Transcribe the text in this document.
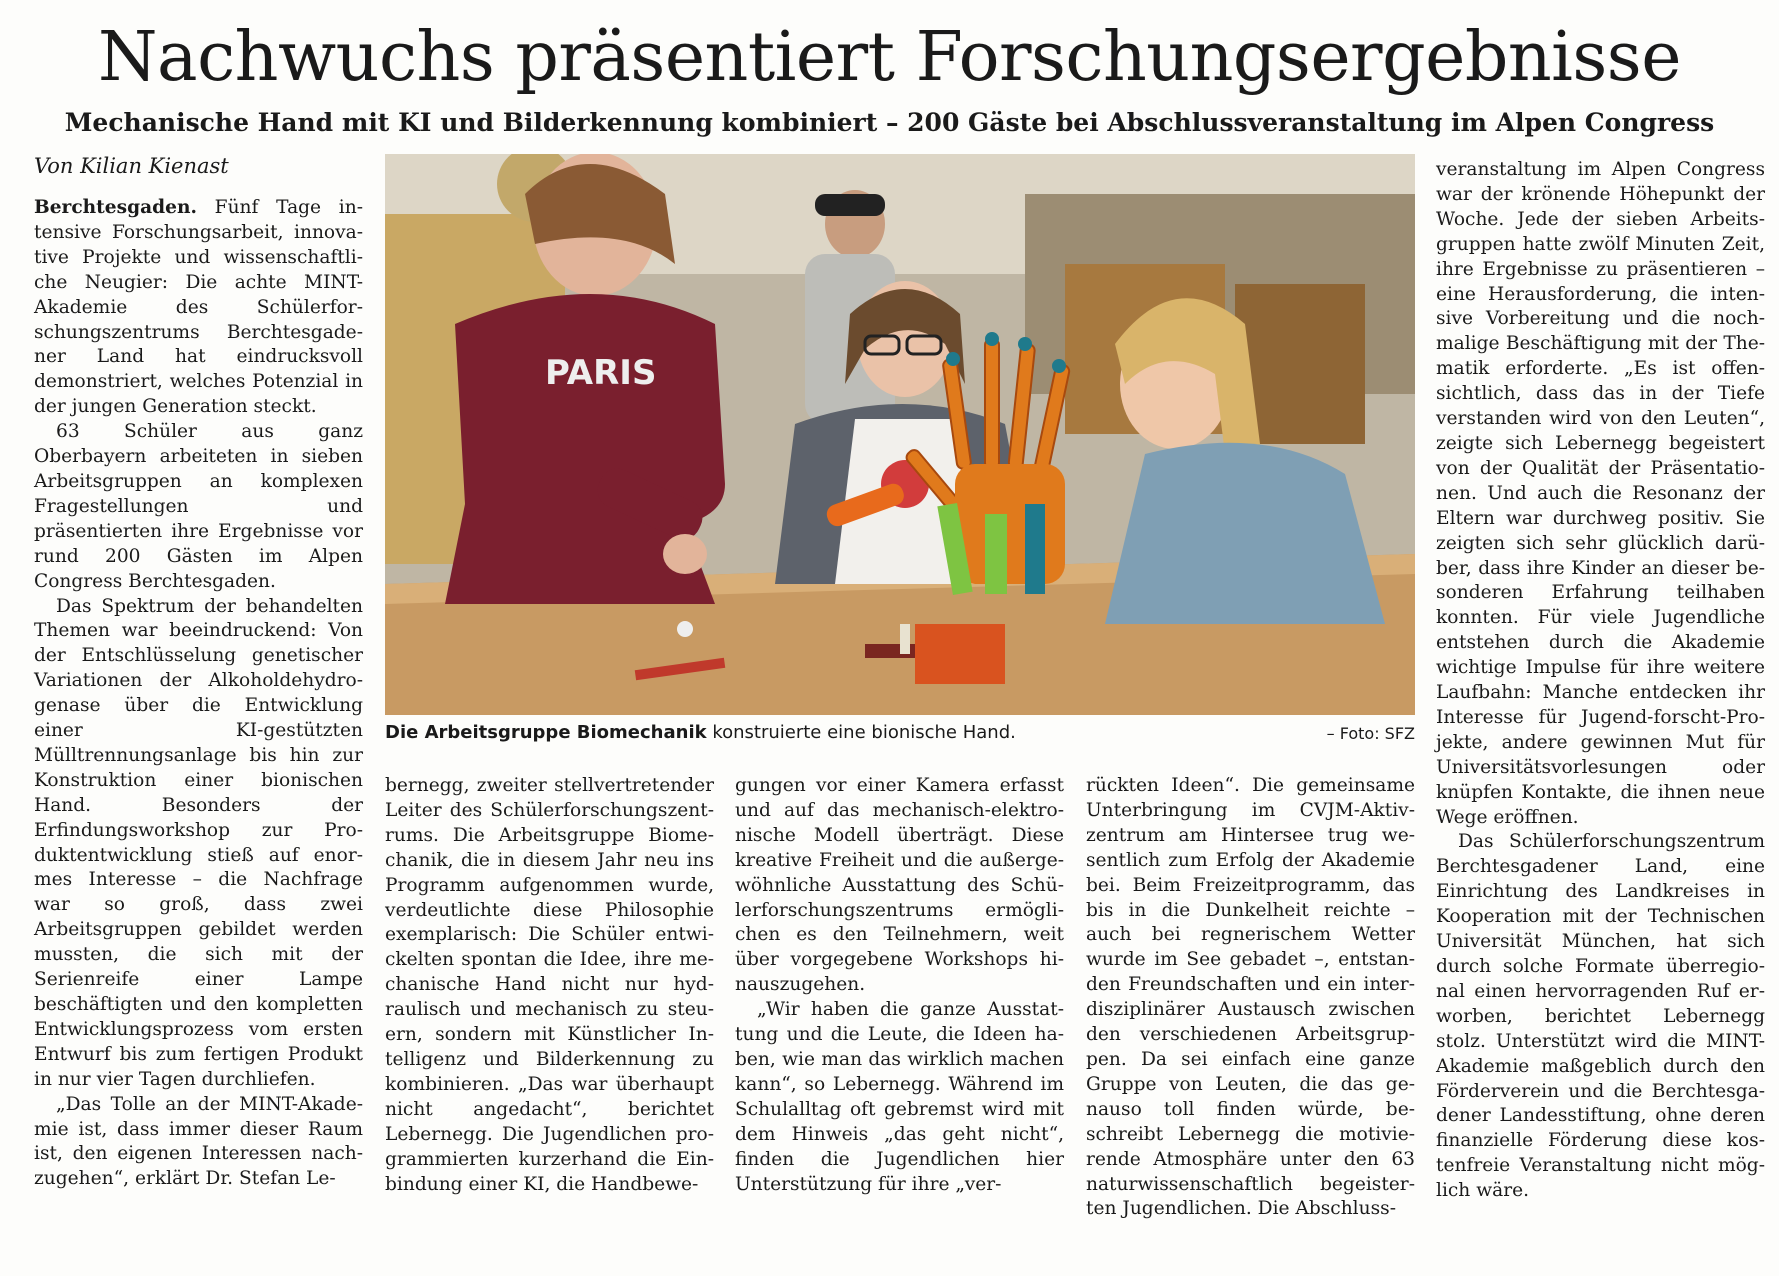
Nachwuchs präsentiert Forschungsergebnisse
Mechanische Hand mit KI und Bilderkennung kombiniert – 200 Gäste bei Abschlussveranstaltung im Alpen Congress
Von Kilian Kienast

Berchtesgaden. Fünf Tage intensive Forschungsarbeit, innovative Projekte und wissenschaftliche Neugier: Die achte MINT-Akademie des Schülerforschungszentrums Berchtesgadener Land hat eindrucksvoll demonstriert, welches Potenzial in der jungen Generation steckt.

63 Schüler aus ganz Oberbayern arbeiteten in sieben Arbeitsgruppen an komplexen Fragestellungen und präsentierten ihre Ergebnisse vor rund 200 Gästen im Alpen Congress Berchtesgaden.

Das Spektrum der behandelten Themen war beeindruckend: Von der Entschlüsselung genetischer Variationen der Alkoholdehydrogenase über die Entwicklung einer KI-gestützten Mülltrennungsanlage bis hin zur Konstruktion einer bionischen Hand. Besonders der Erfindungsworkshop zur Produktentwicklung stieß auf enormes Interesse – die Nachfrage war so groß, dass zwei Arbeitsgruppen gebildet werden mussten, die sich mit der Serienreife einer Lampe beschäftigten und den kompletten Entwicklungsprozess vom ersten Entwurf bis zum fertigen Produkt in nur vier Tagen durchliefen.

„Das Tolle an der MINT-Akademie ist, dass immer dieser Raum ist, den eigenen Interessen nachzugehen“, erklärt Dr. Stefan Le-

PARIS
Die Arbeitsgruppe Biomechanik konstruierte eine bionische Hand.	– Foto: SFZ

bernegg, zweiter stellvertretender Leiter des Schülerforschungszentrums. Die Arbeitsgruppe Biomechanik, die in diesem Jahr neu ins Programm aufgenommen wurde, verdeutlichte diese Philosophie exemplarisch: Die Schüler entwickelten spontan die Idee, ihre mechanische Hand nicht nur hydraulisch und mechanisch zu steuern, sondern mit Künstlicher Intelligenz und Bilderkennung zu kombinieren. „Das war überhaupt nicht angedacht“, berichtet Lebernegg. Die Jugendlichen programmierten kurzerhand die Einbindung einer KI, die Handbewe-

gungen vor einer Kamera erfasst und auf das mechanisch-elektronische Modell überträgt. Diese kreative Freiheit und die außergewöhnliche Ausstattung des Schülerforschungszentrums ermöglichen es den Teilnehmern, weit über vorgegebene Workshops hinauszugehen.

„Wir haben die ganze Ausstattung und die Leute, die Ideen haben, wie man das wirklich machen kann“, so Lebernegg. Während im Schulalltag oft gebremst wird mit dem Hinweis „das geht nicht“, finden die Jugendlichen hier Unterstützung für ihre „ver-

rückten Ideen“. Die gemeinsame Unterbringung im CVJM-Aktivzentrum am Hintersee trug wesentlich zum Erfolg der Akademie bei. Beim Freizeitprogramm, das bis in die Dunkelheit reichte – auch bei regnerischem Wetter wurde im See gebadet –, entstanden Freundschaften und ein interdisziplinärer Austausch zwischen den verschiedenen Arbeitsgruppen. Da sei einfach eine ganze Gruppe von Leuten, die das genauso toll finden würde, beschreibt Lebernegg die motivierende Atmosphäre unter den 63 naturwissenschaftlich begeisterten Jugendlichen. Die Abschluss-

veranstaltung im Alpen Congress war der krönende Höhepunkt der Woche. Jede der sieben Arbeitsgruppen hatte zwölf Minuten Zeit, ihre Ergebnisse zu präsentieren – eine Herausforderung, die intensive Vorbereitung und die nochmalige Beschäftigung mit der Thematik erforderte. „Es ist offensichtlich, dass das in der Tiefe verstanden wird von den Leuten“, zeigte sich Lebernegg begeistert von der Qualität der Präsentationen. Und auch die Resonanz der Eltern war durchweg positiv. Sie zeigten sich sehr glücklich darüber, dass ihre Kinder an dieser besonderen Erfahrung teilhaben konnten. Für viele Jugendliche entstehen durch die Akademie wichtige Impulse für ihre weitere Laufbahn: Manche entdecken ihr Interesse für Jugend-forscht-Projekte, andere gewinnen Mut für Universitätsvorlesungen oder knüpfen Kontakte, die ihnen neue Wege eröffnen.

Das Schülerforschungszentrum Berchtesgadener Land, eine Einrichtung des Landkreises in Kooperation mit der Technischen Universität München, hat sich durch solche Formate überregional einen hervorragenden Ruf erworben, berichtet Lebernegg stolz. Unterstützt wird die MINT-Akademie maßgeblich durch den Förderverein und die Berchtesgadener Landesstiftung, ohne deren finanzielle Förderung diese kostenfreie Veranstaltung nicht möglich wäre.
